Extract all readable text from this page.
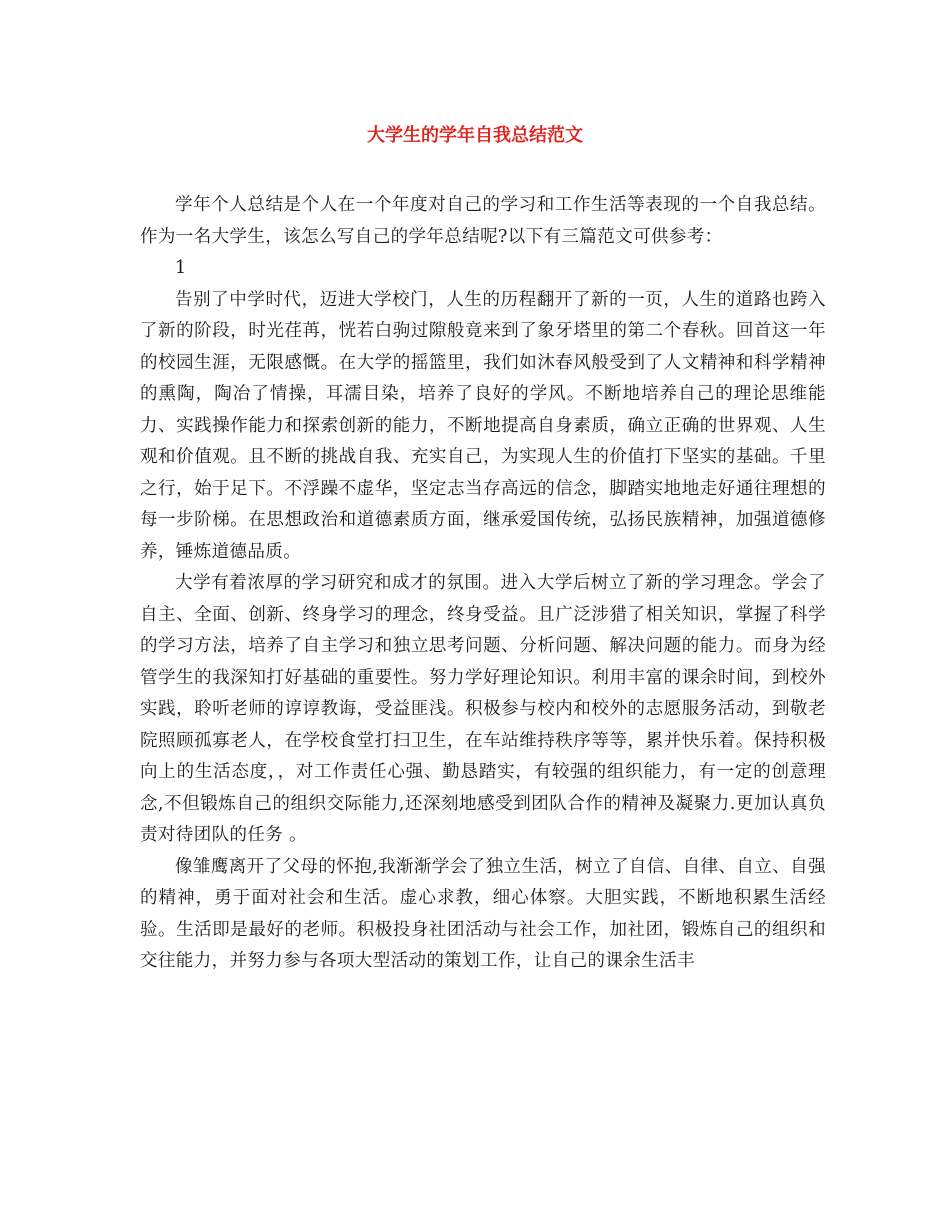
大学生的学年自我总结范文

学年个人总结是个人在一个年度对自己的学习和工作生活等表现的一个自我总结。作为一名大学生，该怎么写自己的学年总结呢?以下有三篇范文可供参考：

1

告别了中学时代，迈进大学校门，人生的历程翻开了新的一页，人生的道路也跨入了新的阶段，时光荏苒，恍若白驹过隙般竟来到了象牙塔里的第二个春秋。回首这一年的校园生涯，无限感慨。在大学的摇篮里，我们如沐春风般受到了人文精神和科学精神的熏陶，陶冶了情操，耳濡目染，培养了良好的学风。不断地培养自己的理论思维能力、实践操作能力和探索创新的能力，不断地提高自身素质，确立正确的世界观、人生观和价值观。且不断的挑战自我、充实自己，为实现人生的价值打下坚实的基础。千里之行，始于足下。不浮躁不虚华，坚定志当存高远的信念，脚踏实地地走好通往理想的每一步阶梯。在思想政治和道德素质方面，继承爱国传统，弘扬民族精神，加强道德修养，锤炼道德品质。

大学有着浓厚的学习研究和成才的氛围。进入大学后树立了新的学习理念。学会了自主、全面、创新、终身学习的理念，终身受益。且广泛涉猎了相关知识，掌握了科学的学习方法，培养了自主学习和独立思考问题、分析问题、解决问题的能力。而身为经管学生的我深知打好基础的重要性。努力学好理论知识。利用丰富的课余时间，到校外实践，聆听老师的谆谆教诲，受益匪浅。积极参与校内和校外的志愿服务活动，到敬老院照顾孤寡老人，在学校食堂打扫卫生，在车站维持秩序等等，累并快乐着。保持积极向上的生活态度，，对工作责任心强、勤恳踏实，有较强的组织能力，有一定的创意理念,不但锻炼自己的组织交际能力,还深刻地感受到团队合作的精神及凝聚力.更加认真负责对待团队的任务 。

像雏鹰离开了父母的怀抱,我渐渐学会了独立生活，树立了自信、自律、自立、自强的精神，勇于面对社会和生活。虚心求教，细心体察。大胆实践，不断地积累生活经验。生活即是最好的老师。积极投身社团活动与社会工作，加社团，锻炼自己的组织和交往能力，并努力参与各项大型活动的策划工作，让自己的课余生活丰
